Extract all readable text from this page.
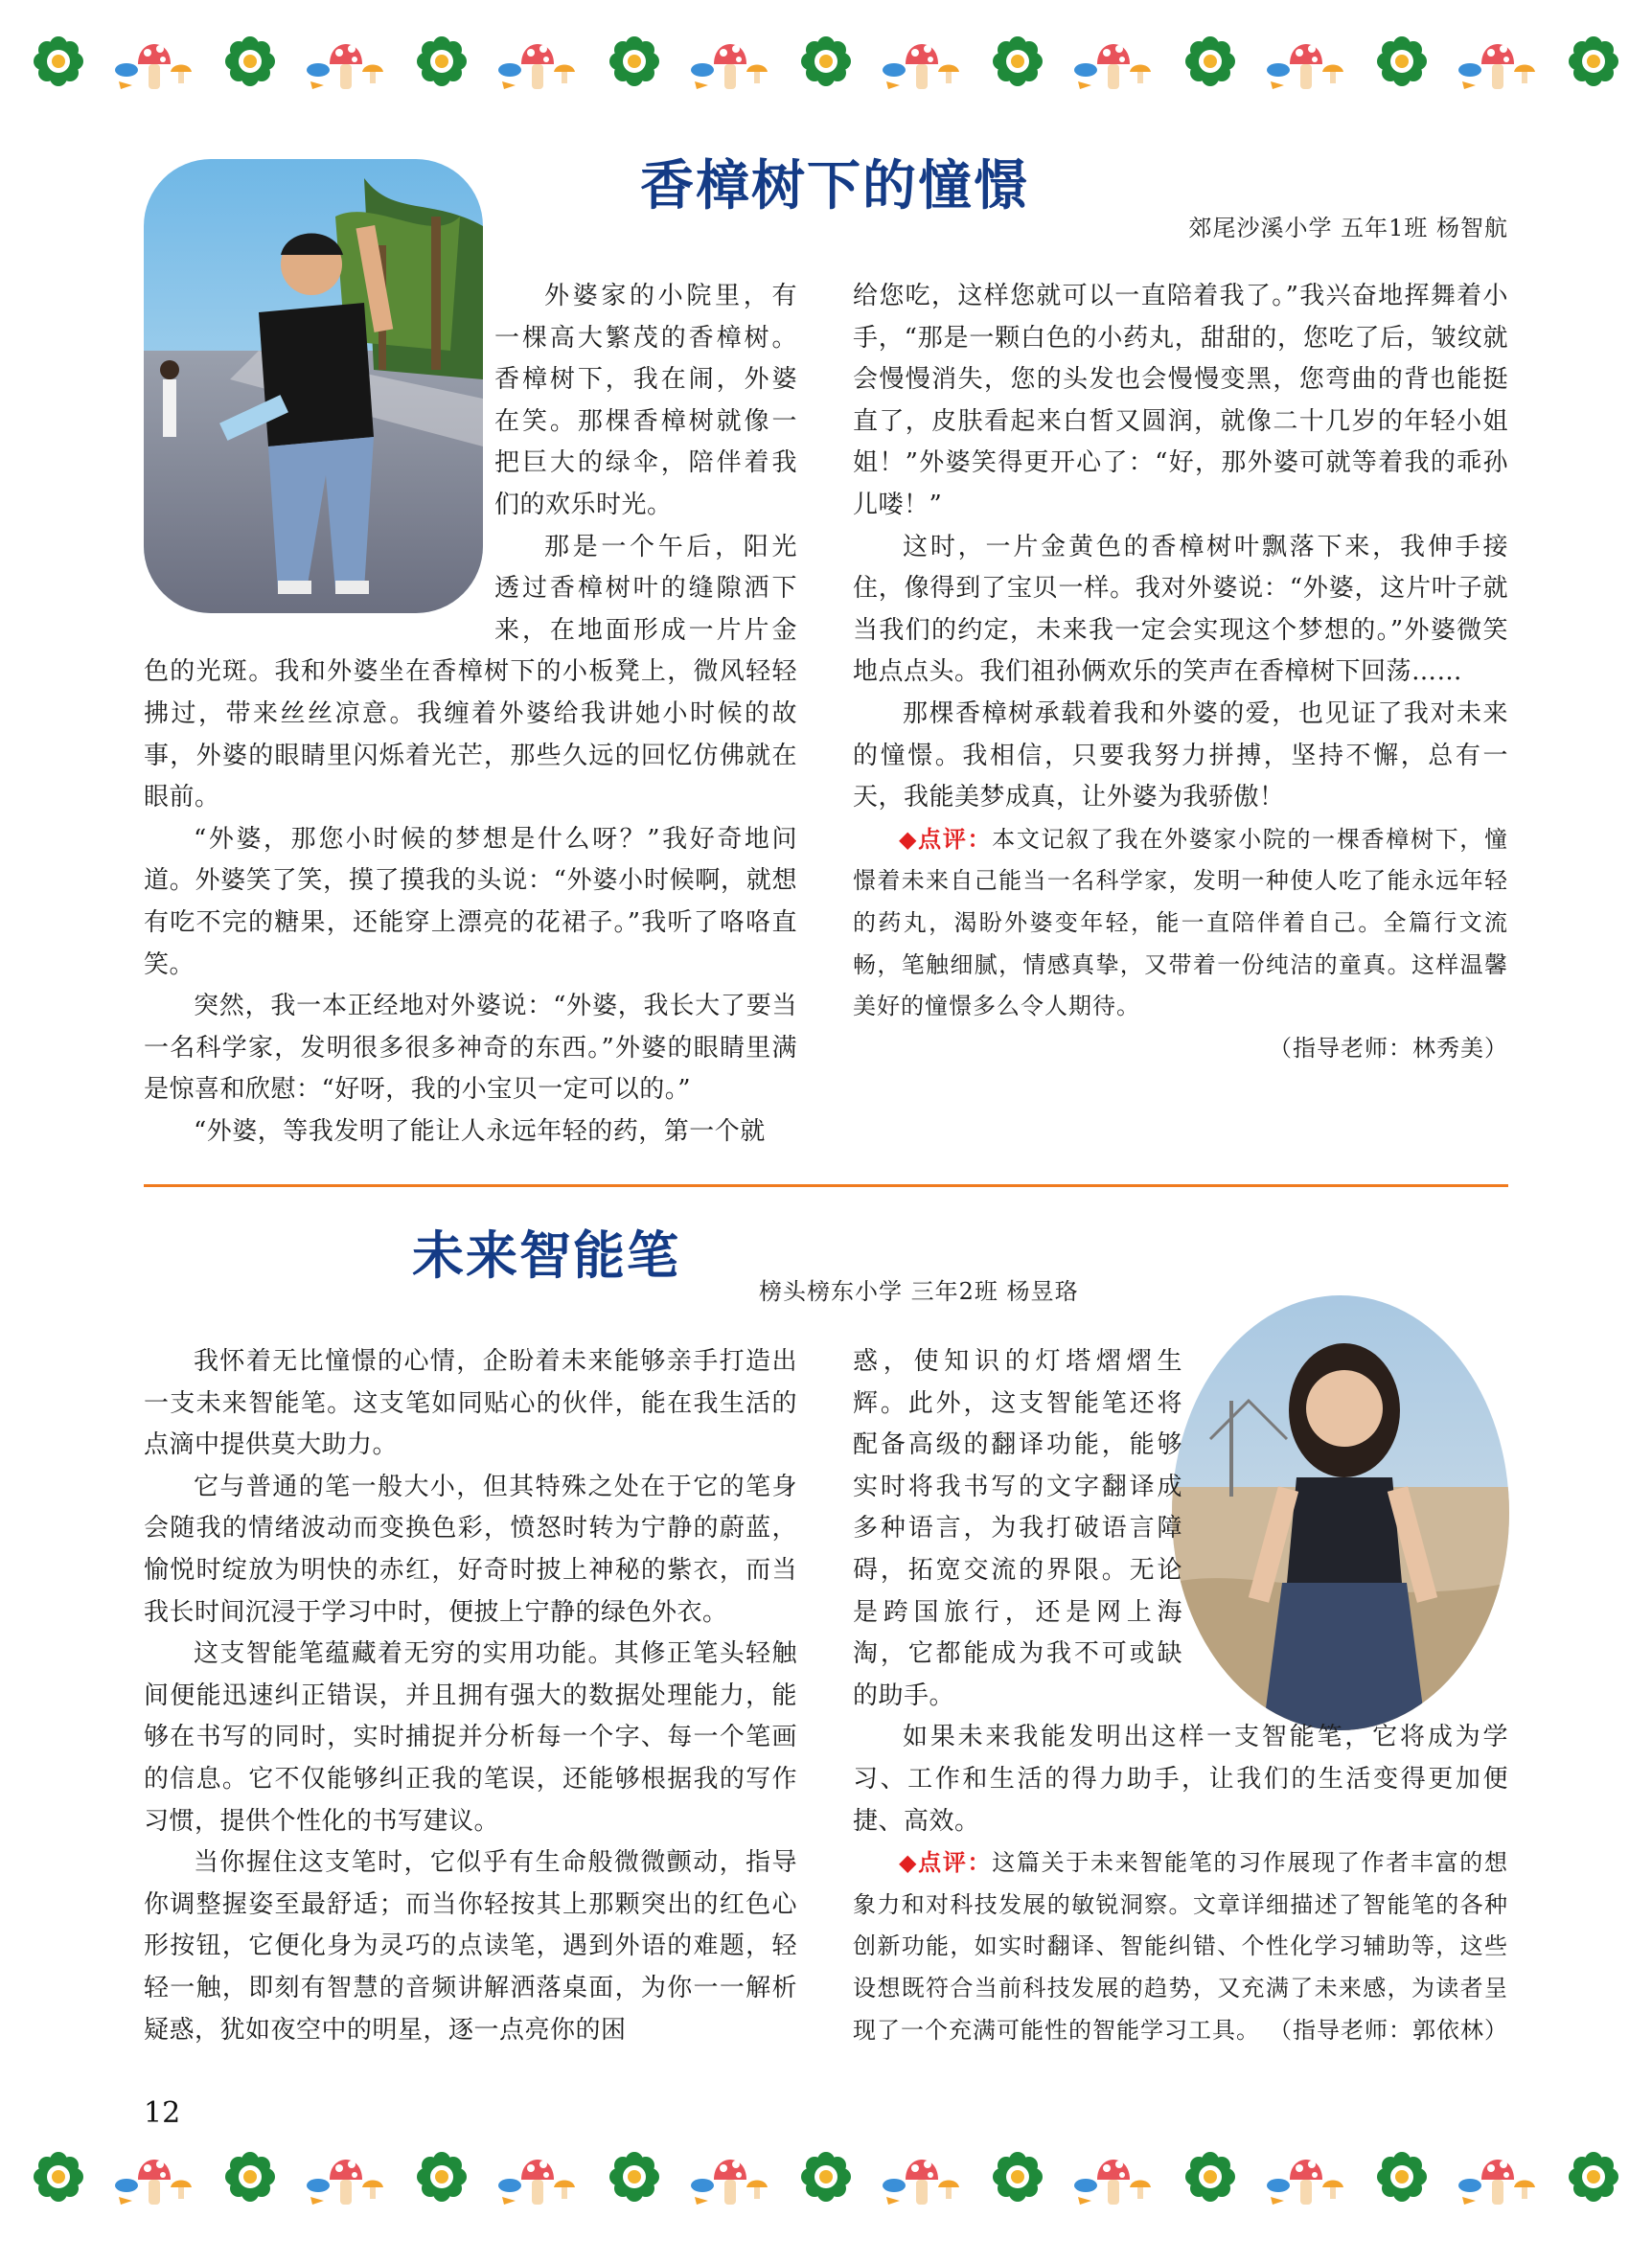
香樟树下的憧憬

郊尾沙溪小学 五年1班 杨智航

外婆家的小院里，有一棵高大繁茂的香樟树。香樟树下，我在闹，外婆在笑。那棵香樟树就像一把巨大的绿伞，陪伴着我们的欢乐时光。

那是一个午后，阳光透过香樟树叶的缝隙洒下来，在地面形成一片片金色的光斑。我和外婆坐在香樟树下的小板凳上，微风轻轻拂过，带来丝丝凉意。我缠着外婆给我讲她小时候的故事，外婆的眼睛里闪烁着光芒，那些久远的回忆仿佛就在眼前。

“外婆，那您小时候的梦想是什么呀？”我好奇地问道。外婆笑了笑，摸了摸我的头说：“外婆小时候啊，就想有吃不完的糖果，还能穿上漂亮的花裙子。”我听了咯咯直笑。

突然，我一本正经地对外婆说：“外婆，我长大了要当一名科学家，发明很多很多神奇的东西。”外婆的眼睛里满是惊喜和欣慰：“好呀，我的小宝贝一定可以的。”

“外婆，等我发明了能让人永远年轻的药，第一个就

给您吃，这样您就可以一直陪着我了。”我兴奋地挥舞着小手，“那是一颗白色的小药丸，甜甜的，您吃了后，皱纹就会慢慢消失，您的头发也会慢慢变黑，您弯曲的背也能挺直了，皮肤看起来白皙又圆润，就像二十几岁的年轻小姐姐！”外婆笑得更开心了：“好，那外婆可就等着我的乖孙儿喽！”

这时，一片金黄色的香樟树叶飘落下来，我伸手接住，像得到了宝贝一样。我对外婆说：“外婆，这片叶子就当我们的约定，未来我一定会实现这个梦想的。”外婆微笑地点点头。我们祖孙俩欢乐的笑声在香樟树下回荡……

那棵香樟树承载着我和外婆的爱，也见证了我对未来的憧憬。我相信，只要我努力拼搏，坚持不懈，总有一天，我能美梦成真，让外婆为我骄傲！

◆点评：本文记叙了我在外婆家小院的一棵香樟树下，憧憬着未来自己能当一名科学家，发明一种使人吃了能永远年轻的药丸，渴盼外婆变年轻，能一直陪伴着自己。全篇行文流畅，笔触细腻，情感真挚，又带着一份纯洁的童真。这样温馨美好的憧憬多么令人期待。

（指导老师：林秀美）

未来智能笔

榜头榜东小学 三年2班 杨昱珞

我怀着无比憧憬的心情，企盼着未来能够亲手打造出一支未来智能笔。这支笔如同贴心的伙伴，能在我生活的点滴中提供莫大助力。

它与普通的笔一般大小，但其特殊之处在于它的笔身会随我的情绪波动而变换色彩，愤怒时转为宁静的蔚蓝，愉悦时绽放为明快的赤红，好奇时披上神秘的紫衣，而当我长时间沉浸于学习中时，便披上宁静的绿色外衣。

这支智能笔蕴藏着无穷的实用功能。其修正笔头轻触间便能迅速纠正错误，并且拥有强大的数据处理能力，能够在书写的同时，实时捕捉并分析每一个字、每一个笔画的信息。它不仅能够纠正我的笔误，还能够根据我的写作习惯，提供个性化的书写建议。

当你握住这支笔时，它似乎有生命般微微颤动，指导你调整握姿至最舒适；而当你轻按其上那颗突出的红色心形按钮，它便化身为灵巧的点读笔，遇到外语的难题，轻轻一触，即刻有智慧的音频讲解洒落桌面，为你一一解析疑惑，犹如夜空中的明星，逐一点亮你的困

惑，使知识的灯塔熠熠生辉。此外，这支智能笔还将配备高级的翻译功能，能够实时将我书写的文字翻译成多种语言，为我打破语言障碍，拓宽交流的界限。无论是跨国旅行，还是网上海淘，它都能成为我不可或缺的助手。

如果未来我能发明出这样一支智能笔，它将成为学习、工作和生活的得力助手，让我们的生活变得更加便捷、高效。

◆点评：这篇关于未来智能笔的习作展现了作者丰富的想象力和对科技发展的敏锐洞察。文章详细描述了智能笔的各种创新功能，如实时翻译、智能纠错、个性化学习辅助等，这些设想既符合当前科技发展的趋势，又充满了未来感，为读者呈现了一个充满可能性的智能学习工具。 （指导老师：郭依林）

12
